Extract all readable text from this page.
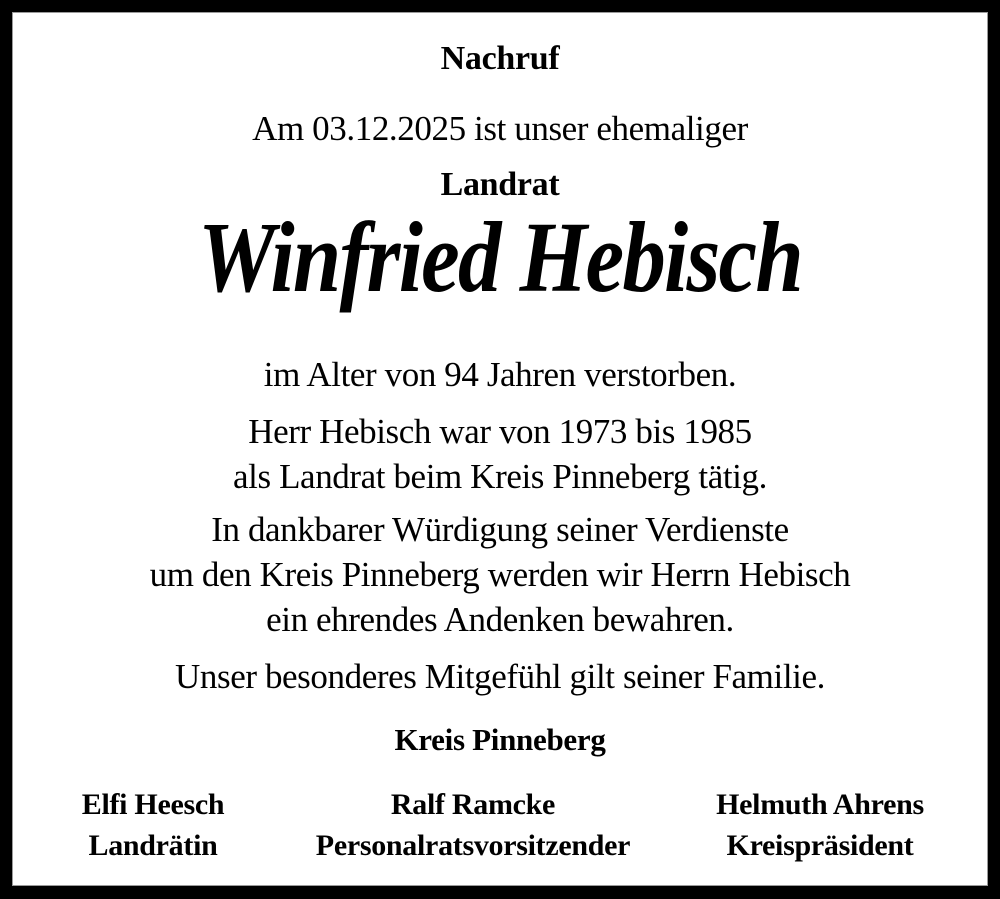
Nachruf
Am 03.12.2025 ist unser ehemaliger
Landrat
Winfried Hebisch
im Alter von 94 Jahren verstorben.
Herr Hebisch war von 1973 bis 1985
als Landrat beim Kreis Pinneberg tätig.
In dankbarer Würdigung seiner Verdienste
um den Kreis Pinneberg werden wir Herrn Hebisch
ein ehrendes Andenken bewahren.
Unser besonderes Mitgefühl gilt seiner Familie.
Kreis Pinneberg
Elfi Heesch
Landrätin
Ralf Ramcke
Personalratsvorsitzender
Helmuth Ahrens
Kreispräsident
